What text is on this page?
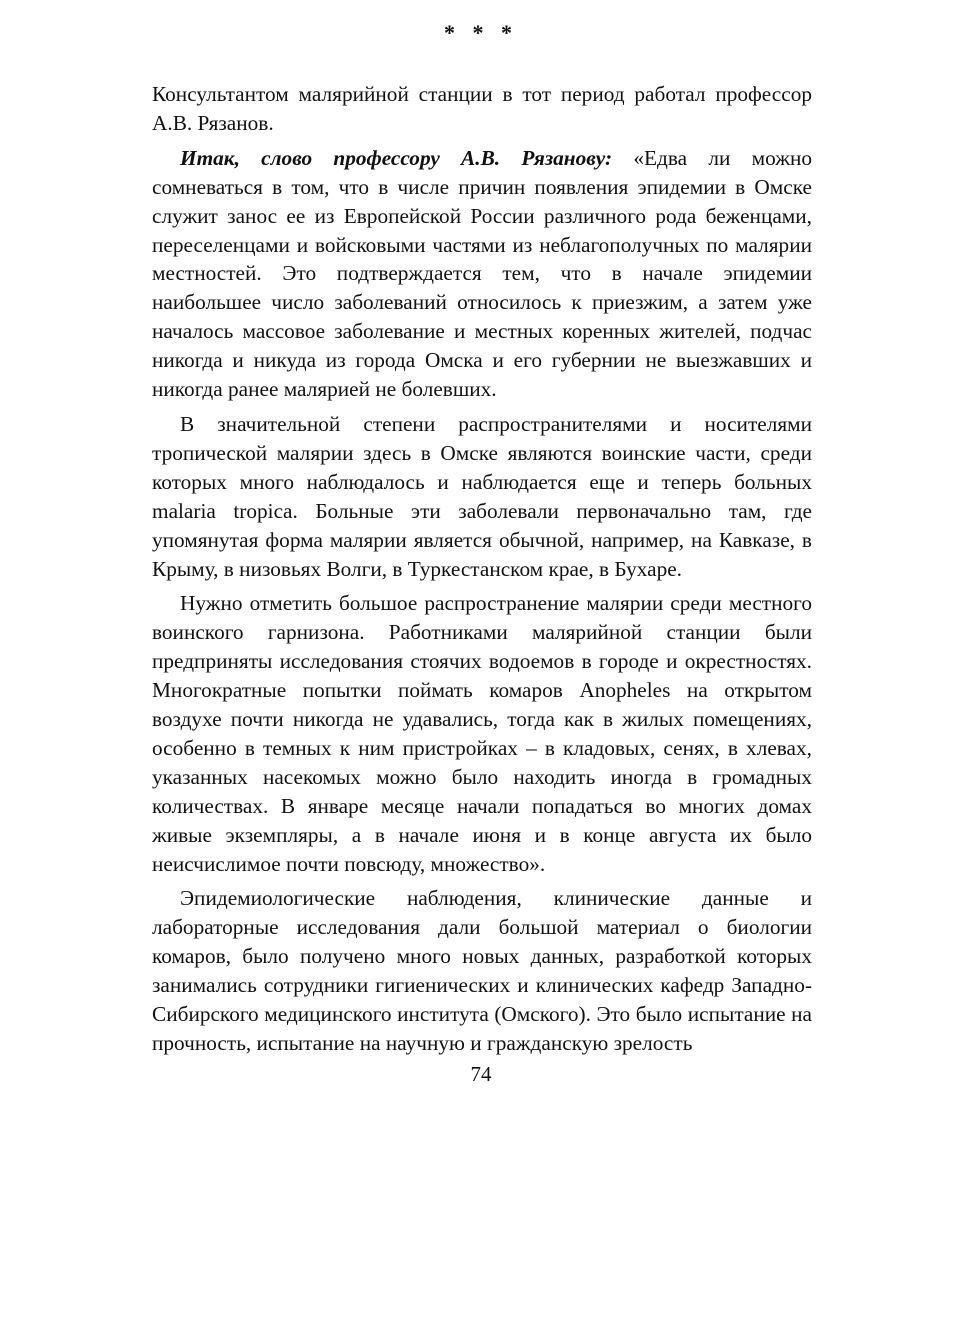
* * *

Консультантом малярийной станции в тот период работал профессор А.В. Рязанов.

Итак, слово профессору А.В. Рязанову: «Едва ли можно сомневаться в том, что в числе причин появления эпидемии в Омске служит занос ее из Европейской России различного рода беженцами, переселенцами и войсковыми частями из неблагополучных по малярии местностей. Это подтверждается тем, что в начале эпидемии наибольшее число заболеваний относилось к приезжим, а затем уже началось массовое заболевание и местных коренных жителей, подчас никогда и никуда из города Омска и его губернии не выезжавших и никогда ранее малярией не болевших.

В значительной степени распространителями и носителями тропической малярии здесь в Омске являются воинские части, среди которых много наблюдалось и наблюдается еще и теперь больных malaria tropica. Больные эти заболевали первоначально там, где упомянутая форма малярии является обычной, например, на Кавказе, в Крыму, в низовьях Волги, в Туркестанском крае, в Бухаре.

Нужно отметить большое распространение малярии среди местного воинского гарнизона. Работниками малярийной станции были предприняты исследования стоячих водоемов в городе и окрестностях. Многократные попытки поймать комаров Anopheles на открытом воздухе почти никогда не удавались, тогда как в жилых помещениях, особенно в темных к ним пристройках – в кладовых, сенях, в хлевах, указанных насекомых можно было находить иногда в громадных количествах. В январе месяце начали попадаться во многих домах живые экземпляры, а в начале июня и в конце августа их было неисчислимое почти повсюду, множество».

Эпидемиологические наблюдения, клинические данные и лабораторные исследования дали большой материал о биологии комаров, было получено много новых данных, разработкой которых занимались сотрудники гигиенических и клинических кафедр Западно-Сибирского медицинского института (Омского). Это было испытание на прочность, испытание на научную и гражданскую зрелость

74
